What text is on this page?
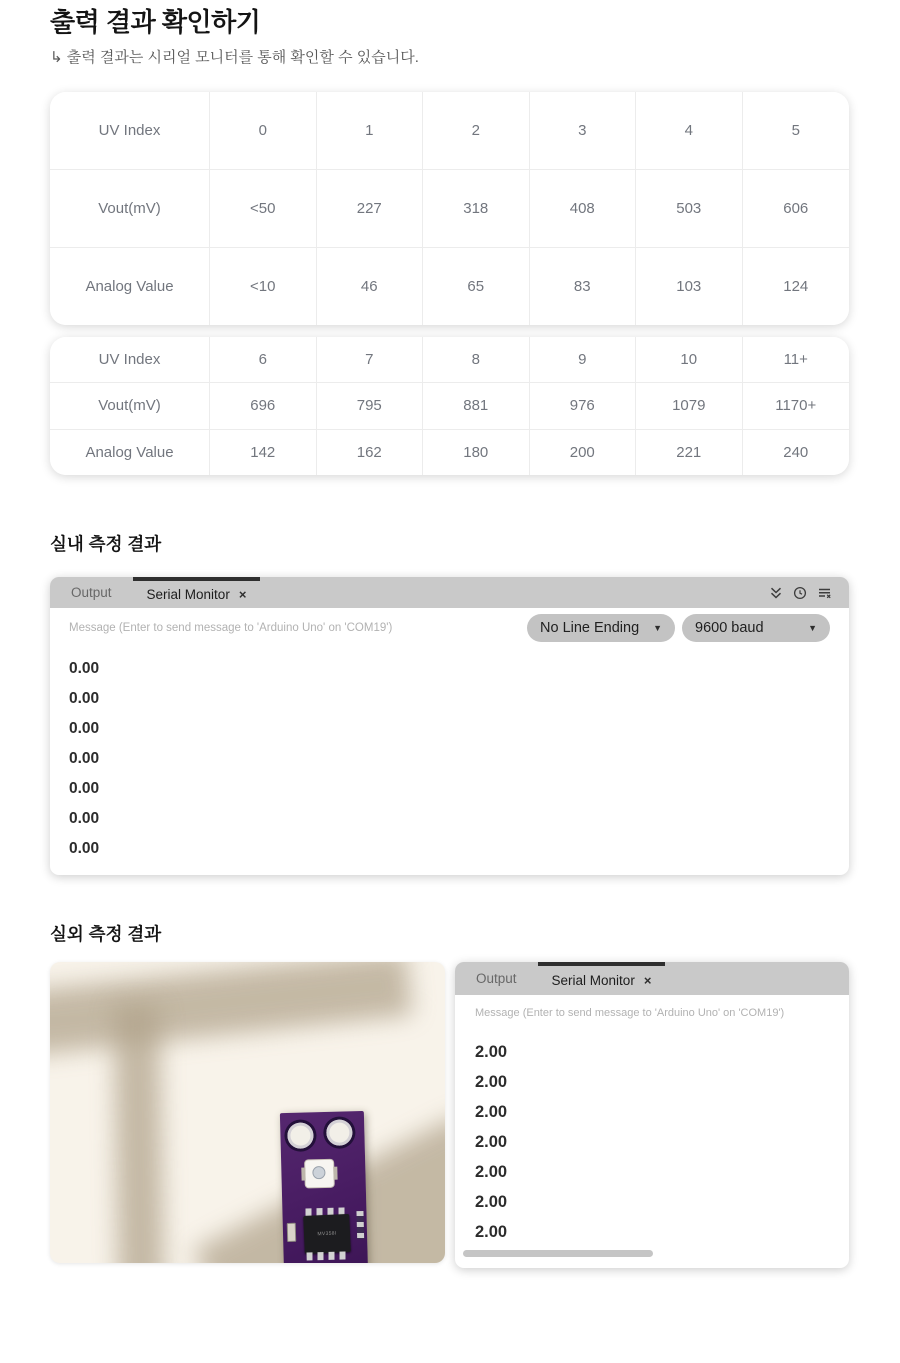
출력 결과 확인하기

↳ 출력 결과는 시리얼 모니터를 통해 확인할 수 있습니다.

UV Index	0	1	2	3	4	5
Vout(mV)	<50	227	318	408	503	606
Analog Value	<10	46	65	83	103	124
UV Index	6	7	8	9	10	11+
Vout(mV)	696	795	881	976	1079	1170+
Analog Value	142	162	180	200	221	240
실내 측정 결과
Output	Serial Monitor ×
Message (Enter to send message to 'Arduino Uno' on 'COM19')	No Line Ending ▼ 9600 baud	▼
0.00
0.00
0.00
0.00
0.00
0.00
0.00
실외 측정 결과
MV358I
Output	Serial Monitor ×
Message (Enter to send message to 'Arduino Uno' on 'COM19')
2.00
2.00
2.00
2.00
2.00
2.00
2.00
